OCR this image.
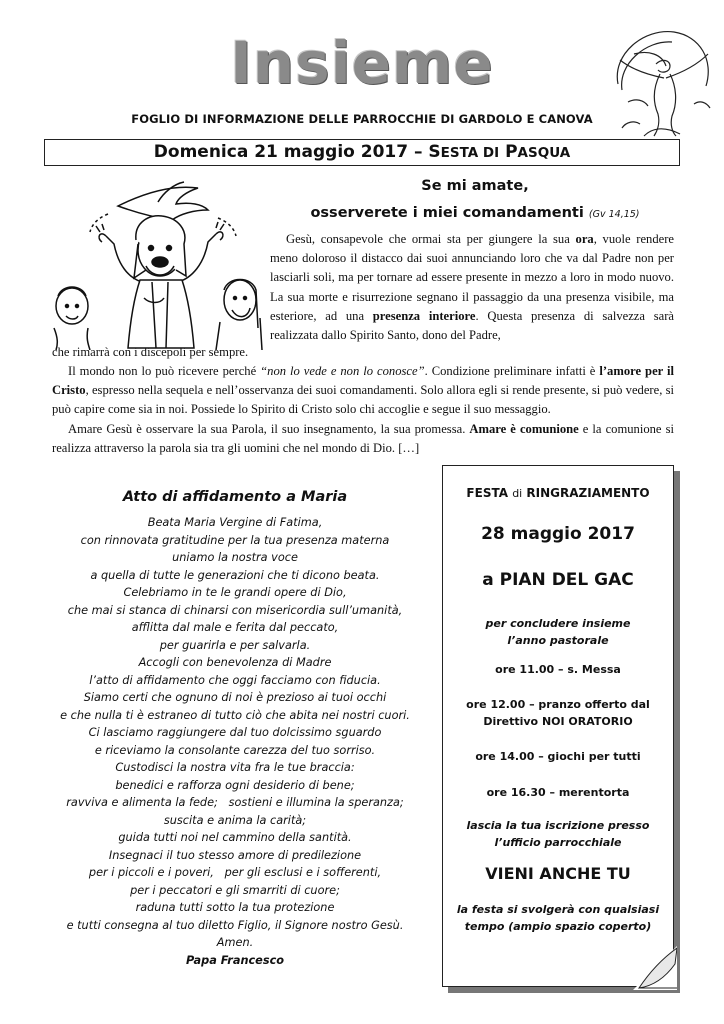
Insieme
FOGLIO DI INFORMAZIONE DELLE PARROCCHIE DI GARDOLO E CANOVA
Domenica 21 maggio 2017 – SESTA DI PASQUA
Se mi amate,
osserverete i miei comandamenti (Gv 14,15)
Gesù, consapevole che ormai sta per giungere la sua ora, vuole rendere meno doloroso il distacco dai suoi annunciando loro che va dal Padre non per lasciarli soli, ma per tornare ad essere presente in mezzo a loro in modo nuovo. La sua morte e risurrezione segnano il passaggio da una presenza visibile, ma esteriore, ad una presenza interiore. Questa presenza di salvezza sarà realizzata dallo Spirito Santo, dono del Padre,
che rimarrà con i discepoli per sempre.
Il mondo non lo può ricevere perché “non lo vede e non lo conosce”. Condizione preliminare infatti è l’amore per il Cristo, espresso nella sequela e nell’osservanza dei suoi comandamenti. Solo allora egli si rende presente, si può vedere, si può capire come sia in noi. Possiede lo Spirito di Cristo solo chi accoglie e segue il suo messaggio.
Amare Gesù è osservare la sua Parola, il suo insegnamento, la sua promessa. Amare è comunione e la comunione si realizza attraverso la parola sia tra gli uomini che nel mondo di Dio. […]
Atto di affidamento a Maria
Beata Maria Vergine di Fatima,
con rinnovata gratitudine per la tua presenza materna
uniamo la nostra voce
a quella di tutte le generazioni che ti dicono beata.
Celebriamo in te le grandi opere di Dio,
che mai si stanca di chinarsi con misericordia sull’umanità,
afflitta dal male e ferita dal peccato,
per guarirla e per salvarla.
Accogli con benevolenza di Madre
l’atto di affidamento che oggi facciamo con fiducia.
Siamo certi che ognuno di noi è prezioso ai tuoi occhi
e che nulla ti è estraneo di tutto ciò che abita nei nostri cuori.
Ci lasciamo raggiungere dal tuo dolcissimo sguardo
e riceviamo la consolante carezza del tuo sorriso.
Custodisci la nostra vita fra le tue braccia:
benedici e rafforza ogni desiderio di bene;
ravviva e alimenta la fede;   sostieni e illumina la speranza;
suscita e anima la carità;
guida tutti noi nel cammino della santità.
Insegnaci il tuo stesso amore di predilezione
per i piccoli e i poveri,   per gli esclusi e i sofferenti,
per i peccatori e gli smarriti di cuore;
raduna tutti sotto la tua protezione
e tutti consegna al tuo diletto Figlio, il Signore nostro Gesù.
Amen.
Papa Francesco
FESTA di RINGRAZIAMENTO
28 maggio 2017
a PIAN DEL GAC
per concludere insieme
l’anno pastorale
ore 11.00 – s. Messa
ore 12.00 – pranzo offerto dal
Direttivo NOI ORATORIO
ore 14.00 – giochi per tutti
ore 16.30 – merentorta
lascia la tua iscrizione presso
l’ufficio parrocchiale
VIENI ANCHE TU
la festa si svolgerà con qualsiasi
tempo (ampio spazio coperto)
